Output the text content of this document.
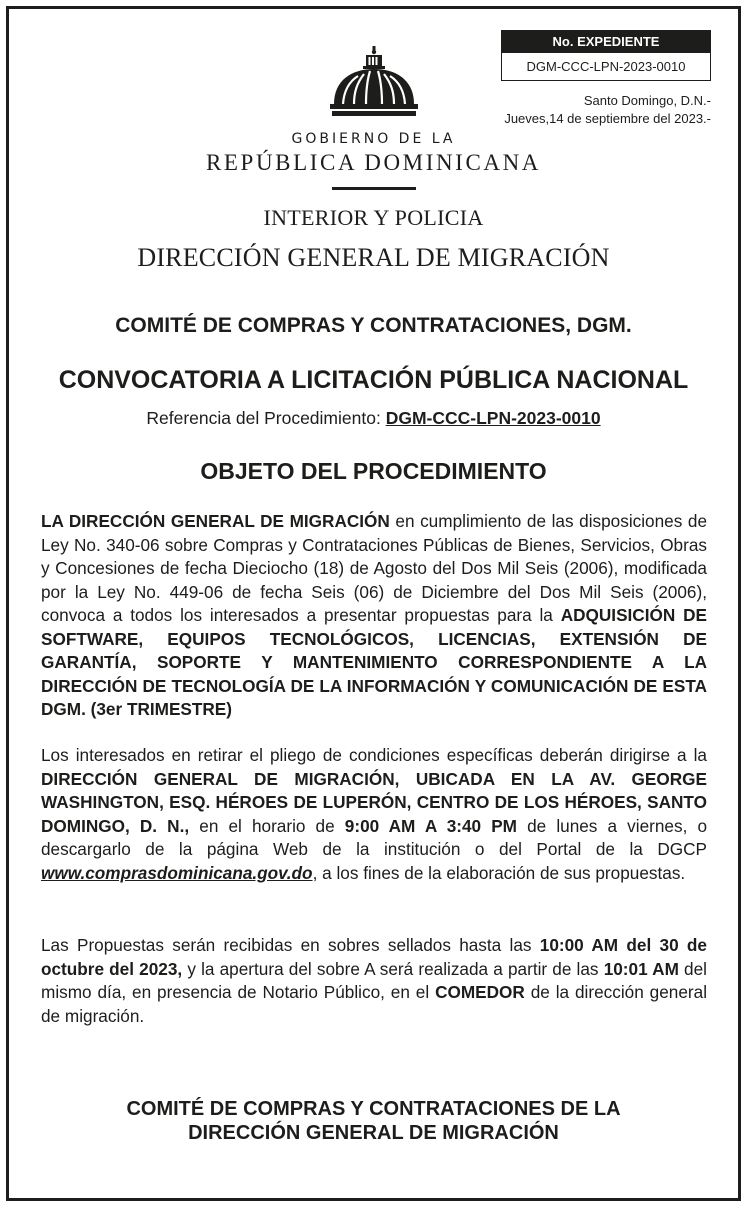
No. EXPEDIENTE
DGM-CCC-LPN-2023-0010
Santo Domingo, D.N.-
Jueves,14 de septiembre del 2023.-
GOBIERNO DE LA
REPÚBLICA DOMINICANA
INTERIOR Y POLICIA
DIRECCIÓN GENERAL DE MIGRACIÓN
COMITÉ DE COMPRAS Y CONTRATACIONES, DGM.
CONVOCATORIA A LICITACIÓN PÚBLICA NACIONAL
Referencia del Procedimiento: DGM-CCC-LPN-2023-0010
OBJETO DEL PROCEDIMIENTO

LA DIRECCIÓN GENERAL DE MIGRACIÓN en cumplimiento de las disposiciones de Ley No. 340-06 sobre Compras y Contrataciones Públicas de Bienes, Servicios, Obras y Concesiones de fecha Dieciocho (18) de Agosto del Dos Mil Seis (2006), modificada por la Ley No. 449-06 de fecha Seis (06) de Diciembre del Dos Mil Seis (2006), convoca a todos los interesados a presentar propuestas para la ADQUISICIÓN DE SOFTWARE, EQUIPOS TECNOLÓGICOS, LICENCIAS, EXTENSIÓN DE GARANTÍA, SOPORTE Y MANTENIMIENTO CORRESPONDIENTE A LA DIRECCIÓN DE TECNOLOGÍA DE LA INFORMACIÓN Y COMUNICACIÓN DE ESTA DGM. (3er TRIMESTRE)

Los interesados en retirar el pliego de condiciones específicas deberán dirigirse a la DIRECCIÓN GENERAL DE MIGRACIÓN, UBICADA EN LA AV. GEORGE WASHINGTON, ESQ. HÉROES DE LUPERÓN, CENTRO DE LOS HÉROES, SANTO DOMINGO, D. N., en el horario de 9:00 AM A 3:40 PM de lunes a viernes, o descargarlo de la página Web de la institución o del Portal de la DGCP www.comprasdominicana.gov.do, a los fines de la elaboración de sus propuestas.

Las Propuestas serán recibidas en sobres sellados hasta las 10:00 AM del 30 de octubre del 2023, y la apertura del sobre A será realizada a partir de las 10:01 AM del mismo día, en presencia de Notario Público, en el COMEDOR de la dirección general de migración.

COMITÉ DE COMPRAS Y CONTRATACIONES DE LA
DIRECCIÓN GENERAL DE MIGRACIÓN
